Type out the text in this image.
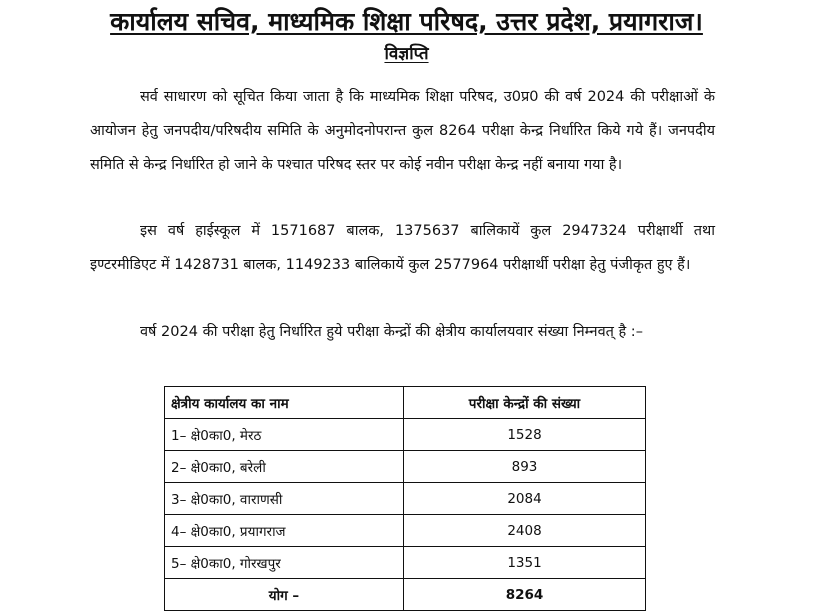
कार्यालय सचिव, माध्यमिक शिक्षा परिषद, उत्तर प्रदेश, प्रयागराज।
विज्ञप्ति

सर्व साधारण को सूचित किया जाता है कि माध्यमिक शिक्षा परिषद, उ0प्र0 की वर्ष 2024 की परीक्षाओं के आयोजन हेतु जनपदीय/परिषदीय समिति के अनुमोदनोपरान्त कुल 8264 परीक्षा केन्द्र निर्धारित किये गये हैं। जनपदीय समिति से केन्द्र निर्धारित हो जाने के पश्चात परिषद स्तर पर कोई नवीन परीक्षा केन्द्र नहीं बनाया गया है।

इस वर्ष हाईस्कूल में 1571687 बालक, 1375637 बालिकायें कुल 2947324 परीक्षार्थी तथा इण्टरमीडिएट में 1428731 बालक, 1149233 बालिकायें कुल 2577964 परीक्षार्थी परीक्षा हेतु पंजीकृत हुए हैं।

वर्ष 2024 की परीक्षा हेतु निर्धारित हुये परीक्षा केन्द्रों की क्षेत्रीय कार्यालयवार संख्या निम्नवत् है :–

क्षेत्रीय कार्यालय का नाम	परीक्षा केन्द्रों की संख्या
1– क्षे0का0, मेरठ	1528
2– क्षे0का0, बरेली	893
3– क्षे0का0, वाराणसी	2084
4– क्षे0का0, प्रयागराज	2408
5– क्षे0का0, गोरखपुर	1351
योग –	8264
